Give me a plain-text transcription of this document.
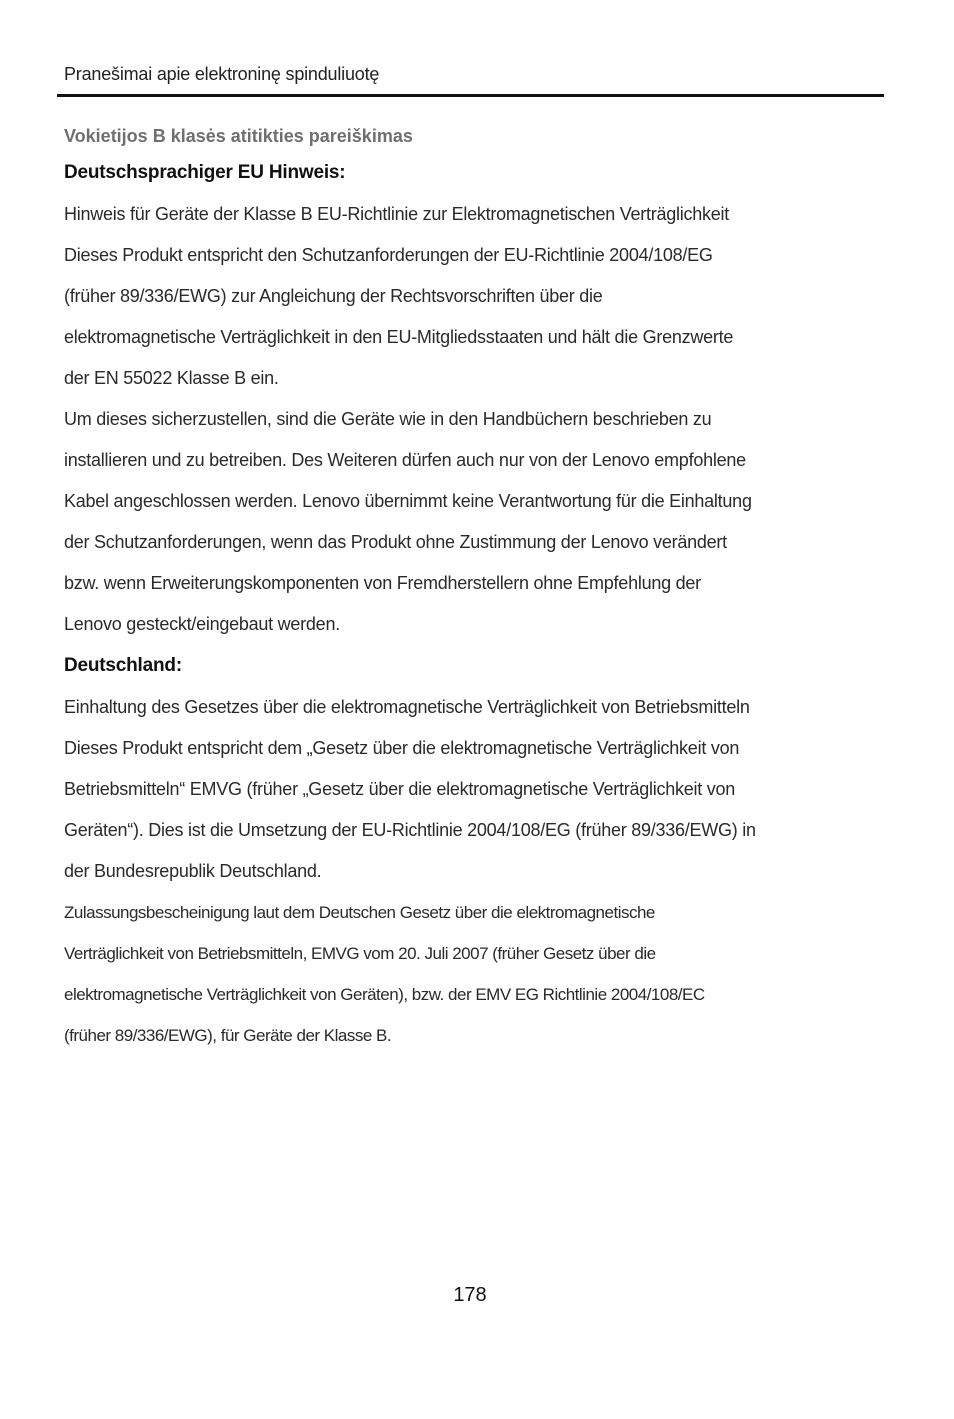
Pranešimai apie elektroninę spinduliuotę
Vokietijos B klasės atitikties pareiškimas
Deutschsprachiger EU Hinweis:

Hinweis für Geräte der Klasse B EU-Richtlinie zur Elektromagnetischen Verträglichkeit
Dieses Produkt entspricht den Schutzanforderungen der EU-Richtlinie 2004/108/EG
(früher 89/336/EWG) zur Angleichung der Rechtsvorschriften über die
elektromagnetische Verträglichkeit in den EU-Mitgliedsstaaten und hält die Grenzwerte
der EN 55022 Klasse B ein.

Um dieses sicherzustellen, sind die Geräte wie in den Handbüchern beschrieben zu
installieren und zu betreiben. Des Weiteren dürfen auch nur von der Lenovo empfohlene
Kabel angeschlossen werden. Lenovo übernimmt keine Verantwortung für die Einhaltung
der Schutzanforderungen, wenn das Produkt ohne Zustimmung der Lenovo verändert
bzw. wenn Erweiterungskomponenten von Fremdherstellern ohne Empfehlung der
Lenovo gesteckt/eingebaut werden.

Deutschland:

Einhaltung des Gesetzes über die elektromagnetische Verträglichkeit von Betriebsmitteln
Dieses Produkt entspricht dem „Gesetz über die elektromagnetische Verträglichkeit von
Betriebsmitteln“ EMVG (früher „Gesetz über die elektromagnetische Verträglichkeit von
Geräten“). Dies ist die Umsetzung der EU-Richtlinie 2004/108/EG (früher 89/336/EWG) in
der Bundesrepublik Deutschland.

Zulassungsbescheinigung laut dem Deutschen Gesetz über die elektromagnetische
Verträglichkeit von Betriebsmitteln, EMVG vom 20. Juli 2007 (früher Gesetz über die
elektromagnetische Verträglichkeit von Geräten), bzw. der EMV EG Richtlinie 2004/108/EC
(früher 89/336/EWG), für Geräte der Klasse B.

178
